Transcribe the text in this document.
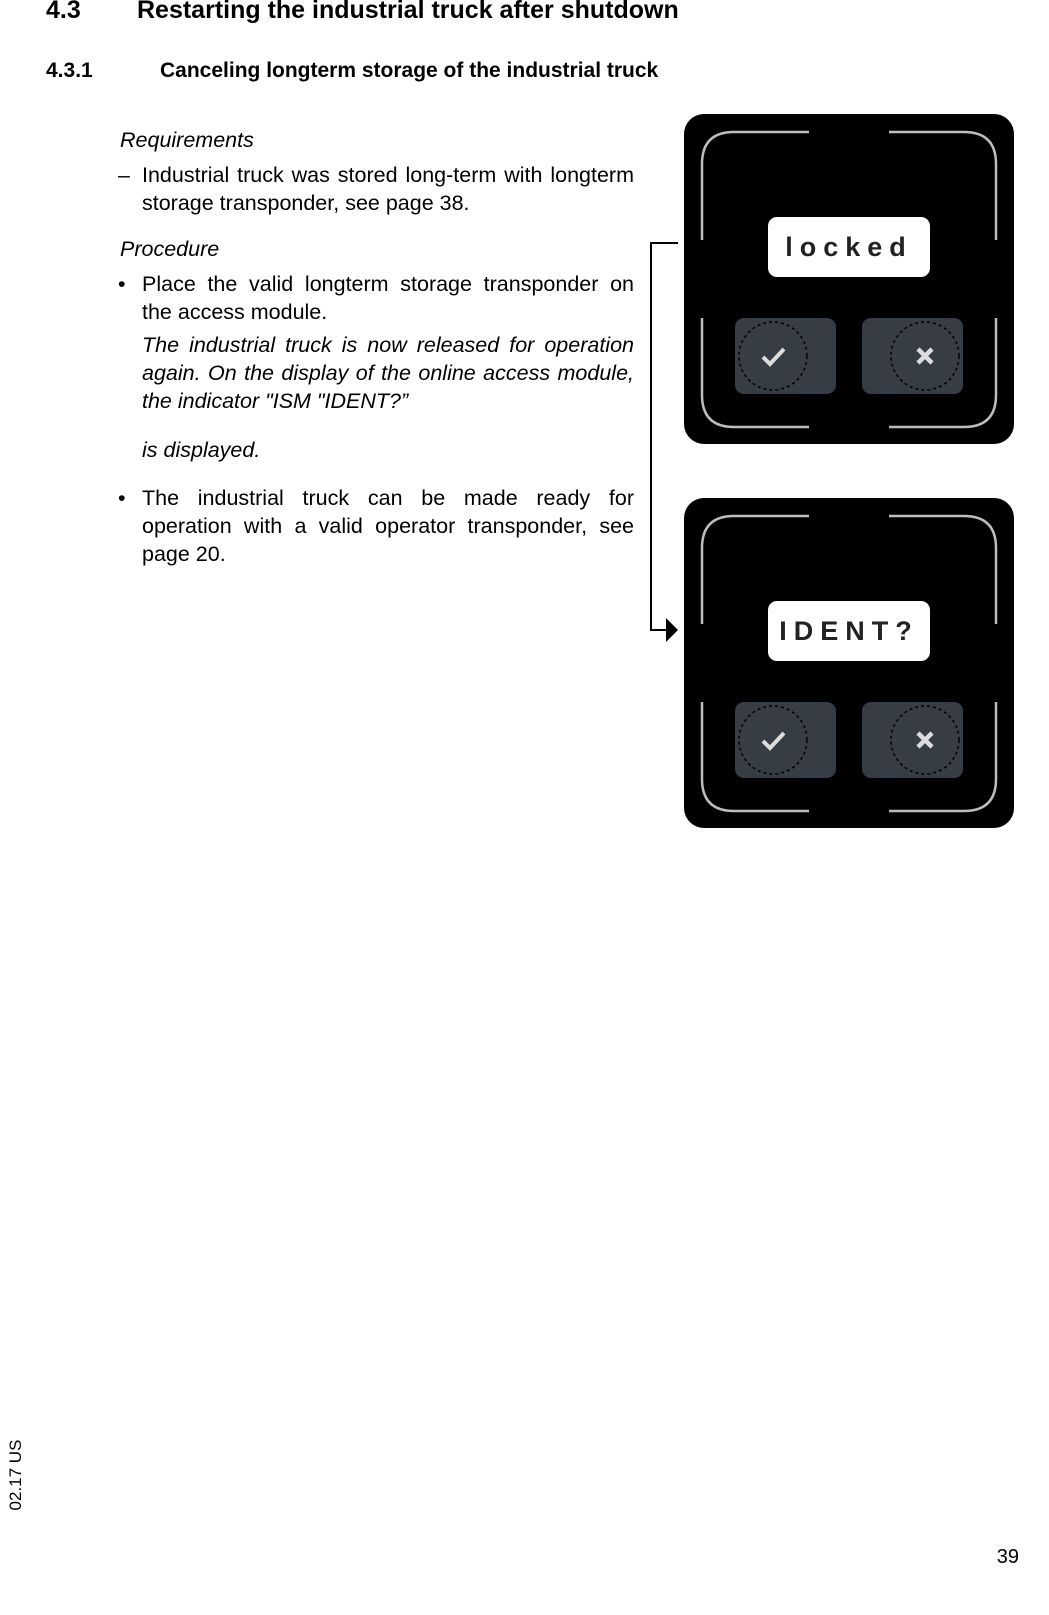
4.3 Restarting the industrial truck after shutdown
4.3.1	Canceling longterm storage of the industrial truck
Requirements
– Industrial truck was stored long-term with longterm storage transponder, see page 38.
Procedure
• Place the valid longterm storage transponder on the access module.
The industrial truck is now released for operation again. On the display of the online access module, the indicator "ISM "IDENT?”
is displayed.
• The industrial truck can be made ready for operation with a valid operator transponder, see page 20.
locked
IDENT?
02.17 US
39
